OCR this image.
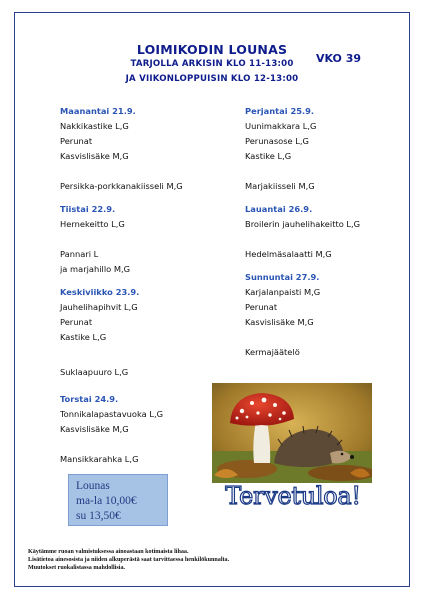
LOIMIKODIN LOUNAS
TARJOLLA ARKISIN KLO 11-13:00
JA VIIKONLOPPUISIN KLO 12-13:00
VKO 39
Maanantai 21.9.
Nakkikastike L,G
Perunat
Kasvislisäke M,G
Persikka-porkkanakiisseli M,G
Tiistai 22.9.
Hernekeitto L,G
Pannari L
ja marjahillo M,G
Keskiviikko 23.9.
Jauhelihapihvit L,G
Perunat
Kastike L,G
Suklaapuuro L,G
Torstai 24.9.
Tonnikalapastavuoka L,G
Kasvislisäke M,G
Mansikkarahka L,G
Perjantai 25.9.
Uunimakkara L,G
Perunasose L,G
Kastike L,G
Marjakiisseli M,G
Lauantai 26.9.
Broilerin jauhelihakeitto L,G
Hedelmäsalaatti M,G
Sunnuntai 27.9.
Karjalanpaisti M,G
Perunat
Kasvislisäke M,G
Kermajäätelö
Lounas
ma-la 10,00€
su 13,50€
Tervetuloa!
Käytämme ruoan valmistuksessa ainoastaan kotimaista lihaa.
Lisätietoa ainesosista ja niiden alkuperästä saat tarvittaessa henkilökunnalta.
Muutokset ruokalistassa mahdollisia.
